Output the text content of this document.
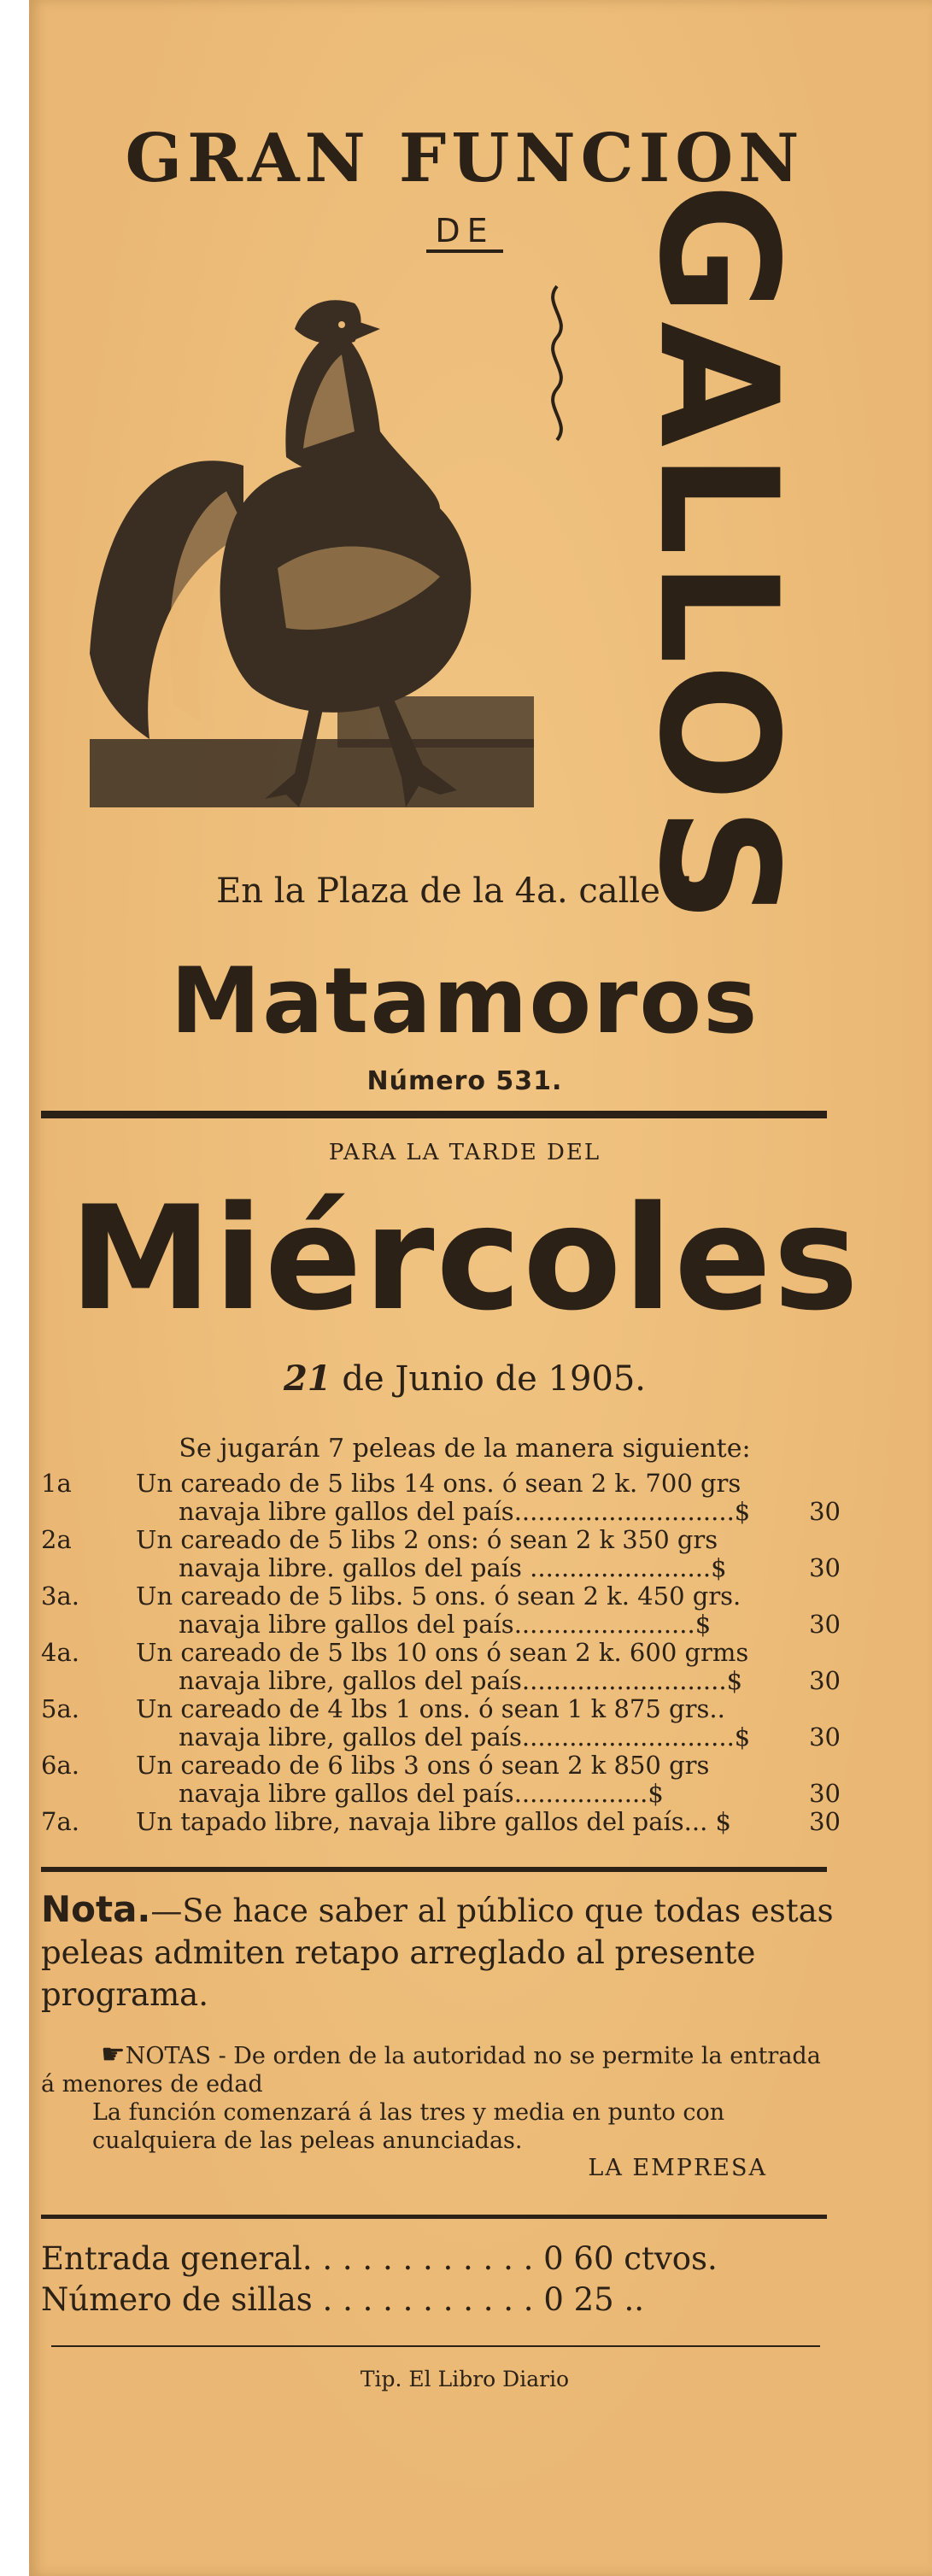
GRAN FUNCION
DE GALLOS
En la Plaza de la 4a. calle de
Matamoros
Número 531.
PARA LA TARDE DEL
Miércoles
21 de Junio de 1905.
Se jugarán 7 peleas de la manera siguiente:
1a	Un careado de 5 libs 14 ons. ó sean 2 k. 700 grs
navaja libre gallos del país............................$ 30
2a	Un careado de 5 libs 2 ons: ó sean 2 k 350 grs
navaja libre. gallos del país .......................$	30
3a.	Un careado de 5 libs. 5 ons. ó sean 2 k. 450 grs.
navaja libre gallos del país.......................$	30
4a.	Un careado de 5 lbs 10 ons ó sean 2 k. 600 grms
navaja libre, gallos del país..........................$	30
5a.	Un careado de 4 lbs 1 ons. ó sean 1 k 875 grs..
navaja libre, gallos del país...........................$ 30
6a.	Un careado de 6 libs 3 ons ó sean 2 k 850 grs
navaja libre gallos del país.................$	30
7a.	Un tapado libre, navaja libre gallos del país... $	30
Nota.—Se hace saber al público que todas estas peleas admiten retapo arreglado al presente programa.
☛NOTAS - De orden de la autoridad no se permite la entrada á menores de edad
La función comenzará á las tres y media en punto con cualquiera de las peleas anunciadas.
LA EMPRESA
Entrada general. . . . . . . . . . . . 0 60 ctvos.
Número de sillas . . . . . . . . . . . 0 25 ..
Tip. El Libro Diario
